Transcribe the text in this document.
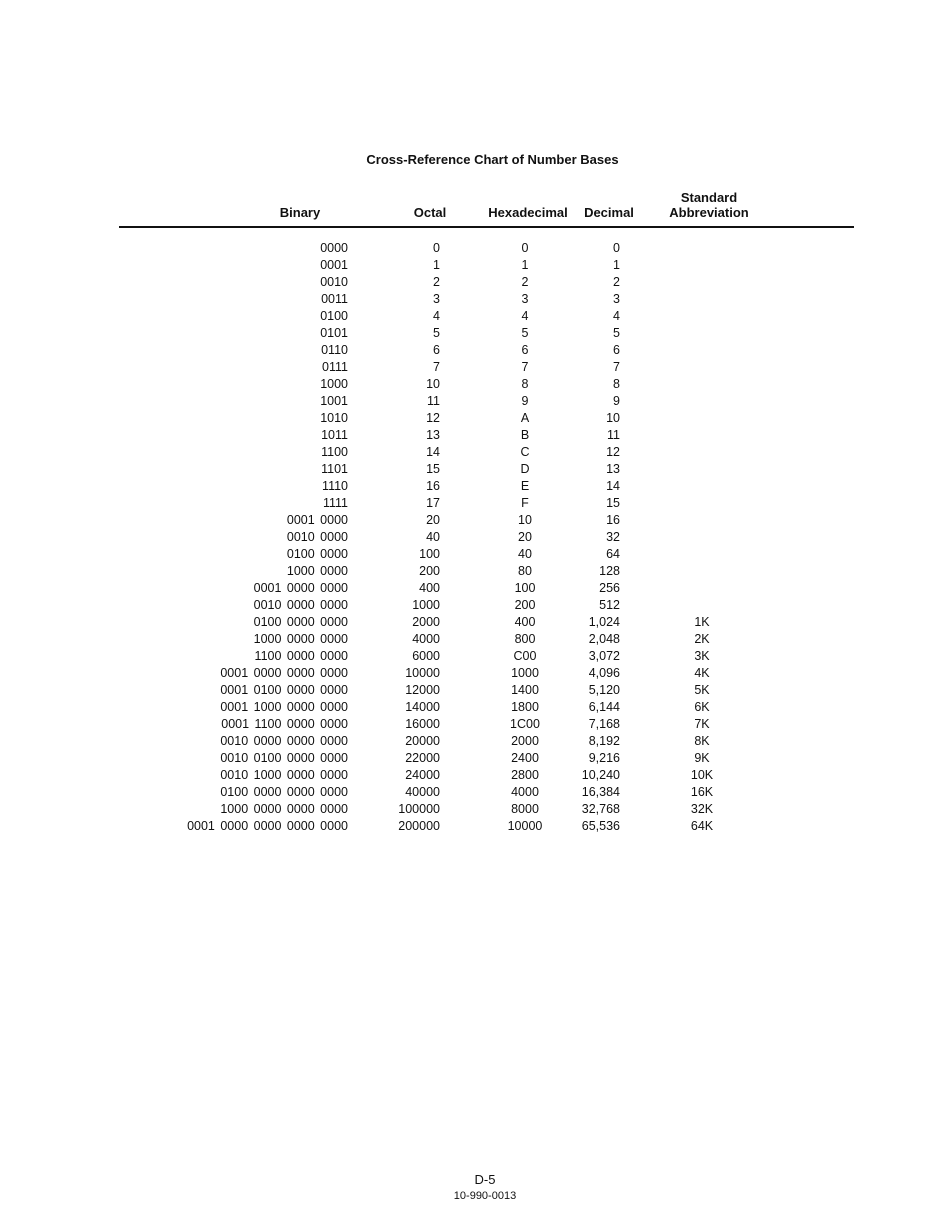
Cross-Reference Chart of Number Bases
Binary	Octal	Hexadecimal	Decimal
Standard
Abbreviation
0000	0	0	0
0001	1	1	1
0010	2	2	2
0011	3	3	3
0100	4	4	4
0101	5	5	5
0110	6	6	6
0111	7	7	7
1000	10	8	8
1001	11	9	9
1010	12	A	10
1011	13	B	11
1100	14	C	12
1101	15	D	13
1110	16	E	14
1111	17	F	15
0001 0000	20	10	16
0010 0000	40	20	32
0100 0000	100	40	64
1000 0000	200	80	128
0001 0000 0000	400	100	256
0010 0000 0000	1000	200	512
0100 0000 0000	2000	400	1,024	1K
1000 0000 0000	4000	800	2,048	2K
1100 0000 0000	6000	C00	3,072	3K
0001 0000 0000 0000	10000	1000	4,096	4K
0001 0100 0000 0000	12000	1400	5,120	5K
0001 1000 0000 0000	14000	1800	6,144	6K
0001 1100 0000 0000	16000	1C00	7,168	7K
0010 0000 0000 0000	20000	2000	8,192	8K
0010 0100 0000 0000	22000	2400	9,216	9K
0010 1000 0000 0000	24000	2800	10,240	10K
0100 0000 0000 0000	40000	4000	16,384	16K
1000 0000 0000 0000	100000	8000	32,768	32K
0001 0000 0000 0000 0000	200000	10000	65,536	64K
D-5
10-990-0013
